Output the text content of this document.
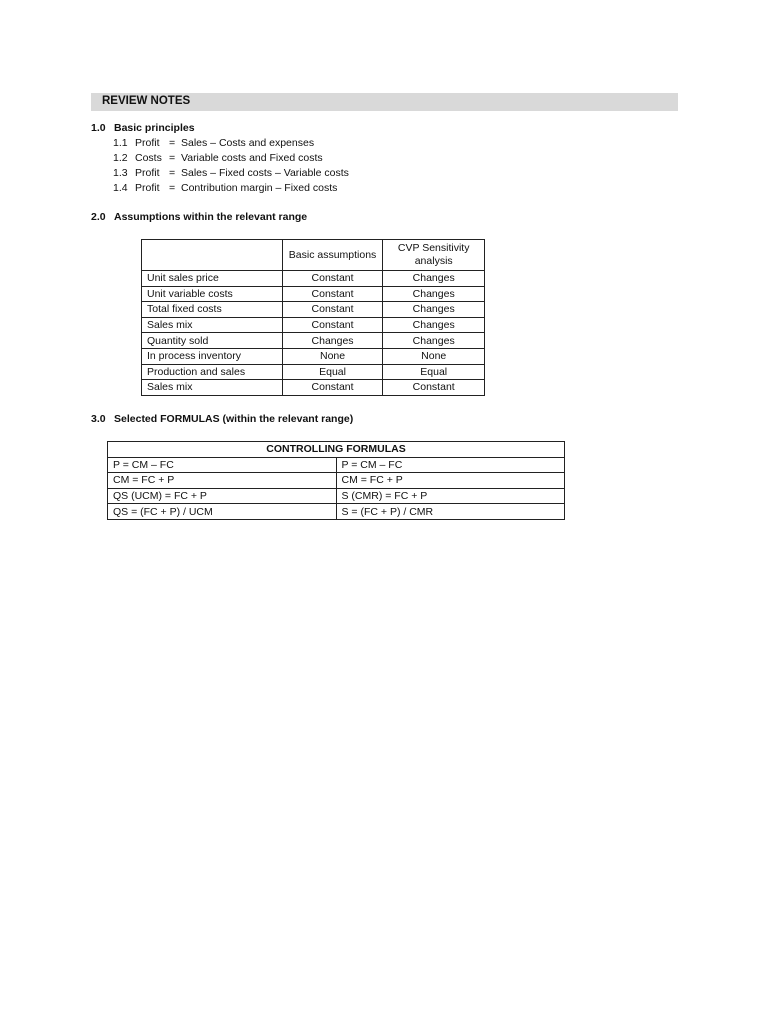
REVIEW NOTES
1.0 Basic principles
1.1 Profit = Sales – Costs and expenses
1.2 Costs = Variable costs and Fixed costs
1.3 Profit = Sales – Fixed costs – Variable costs
1.4 Profit = Contribution margin – Fixed costs
2.0 Assumptions within the relevant range
	Basic assumptions	CVP Sensitivity analysis
Unit sales price	Constant	Changes
Unit variable costs	Constant	Changes
Total fixed costs	Constant	Changes
Sales mix	Constant	Changes
Quantity sold	Changes	Changes
In process inventory	None	None
Production and sales	Equal	Equal
Sales mix	Constant	Constant
3.0 Selected FORMULAS (within the relevant range)
CONTROLLING FORMULAS	
P = CM – FC	P = CM – FC
CM = FC + P	CM = FC + P
QS (UCM) = FC + P	S (CMR) = FC + P
QS = (FC + P) / UCM	S = (FC + P) / CMR
